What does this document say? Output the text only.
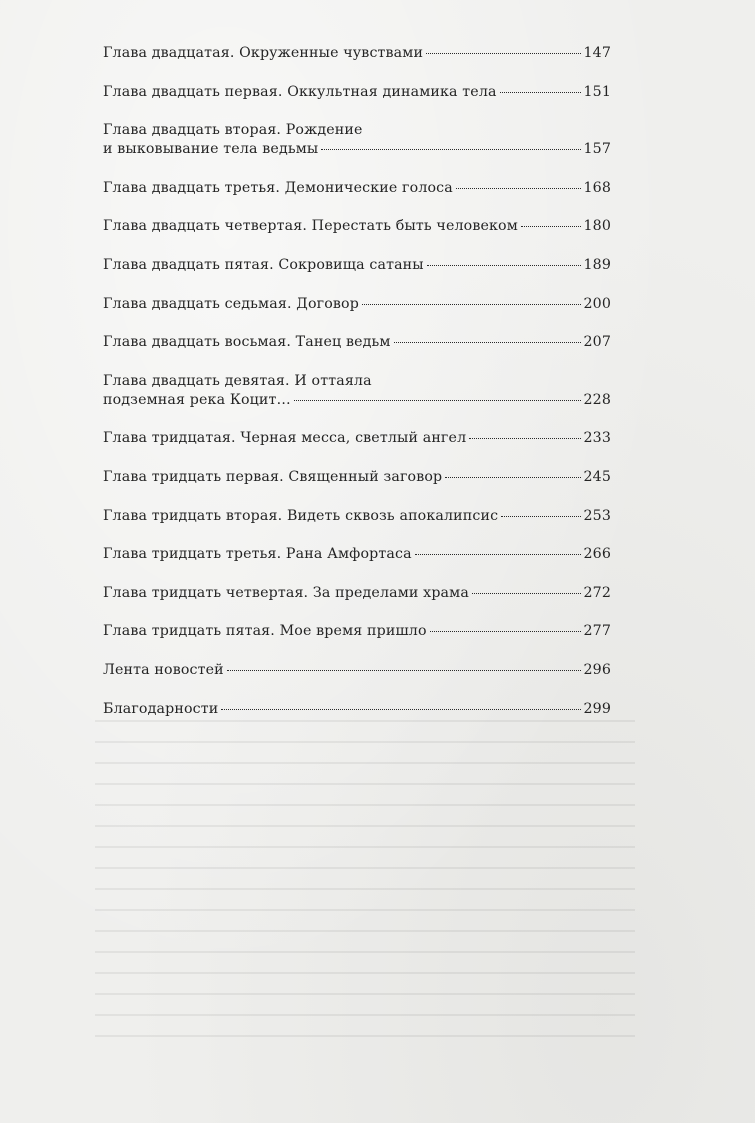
Глава двадцатая. Окруженные чувствами	147
Глава двадцать первая. Оккультная динамика тела	151
Глава двадцать вторая. Рождение
и выковывание тела ведьмы	157
Глава двадцать третья. Демонические голоса	168
Глава двадцать четвертая. Перестать быть человеком	180
Глава двадцать пятая. Сокровища сатаны	189
Глава двадцать седьмая. Договор	200
Глава двадцать восьмая. Танец ведьм	207
Глава двадцать девятая. И оттаяла
подземная река Коцит…	228
Глава тридцатая. Черная месса, светлый ангел	233
Глава тридцать первая. Священный заговор	245
Глава тридцать вторая. Видеть сквозь апокалипсис	253
Глава тридцать третья. Рана Амфортаса	266
Глава тридцать четвертая. За пределами храма	272
Глава тридцать пятая. Мое время пришло	277
Лента новостей	296
Благодарности	299
